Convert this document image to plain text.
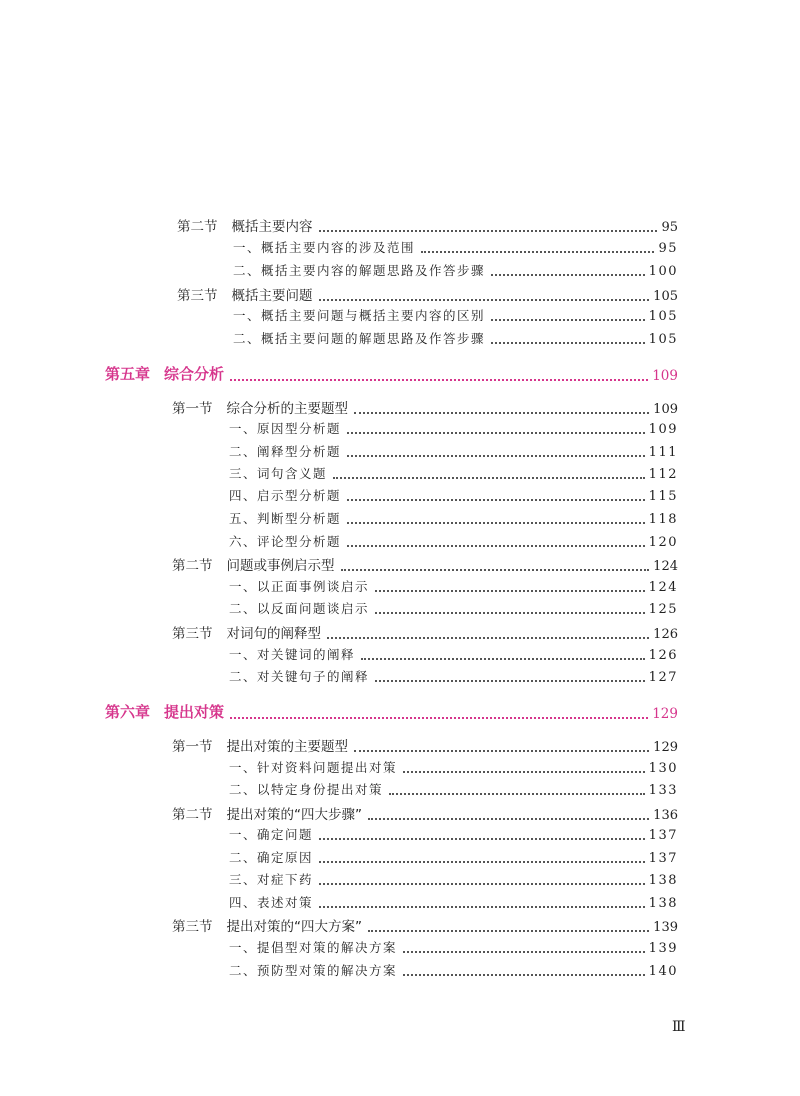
第二节 概括主要内容	95
一、概括主要内容的涉及范围	95
二、概括主要内容的解题思路及作答步骤	100
第三节 概括主要问题	105
一、概括主要问题与概括主要内容的区别	105
二、概括主要问题的解题思路及作答步骤	105
第五章 综合分析	109
第一节 综合分析的主要题型	109
一、原因型分析题	109
二、阐释型分析题	111
三、词句含义题	112
四、启示型分析题	115
五、判断型分析题	118
六、评论型分析题	120
第二节 问题或事例启示型	124
一、以正面事例谈启示	124
二、以反面问题谈启示	125
第三节 对词句的阐释型	126
一、对关键词的阐释	126
二、对关键句子的阐释	127
第六章 提出对策	129
第一节 提出对策的主要题型	129
一、针对资料问题提出对策	130
二、以特定身份提出对策	133
第二节 提出对策的“四大步骤”	136
一、确定问题	137
二、确定原因	137
三、对症下药	138
四、表述对策	138
第三节 提出对策的“四大方案”	139
一、提倡型对策的解决方案	139
二、预防型对策的解决方案	140
Ⅲ
